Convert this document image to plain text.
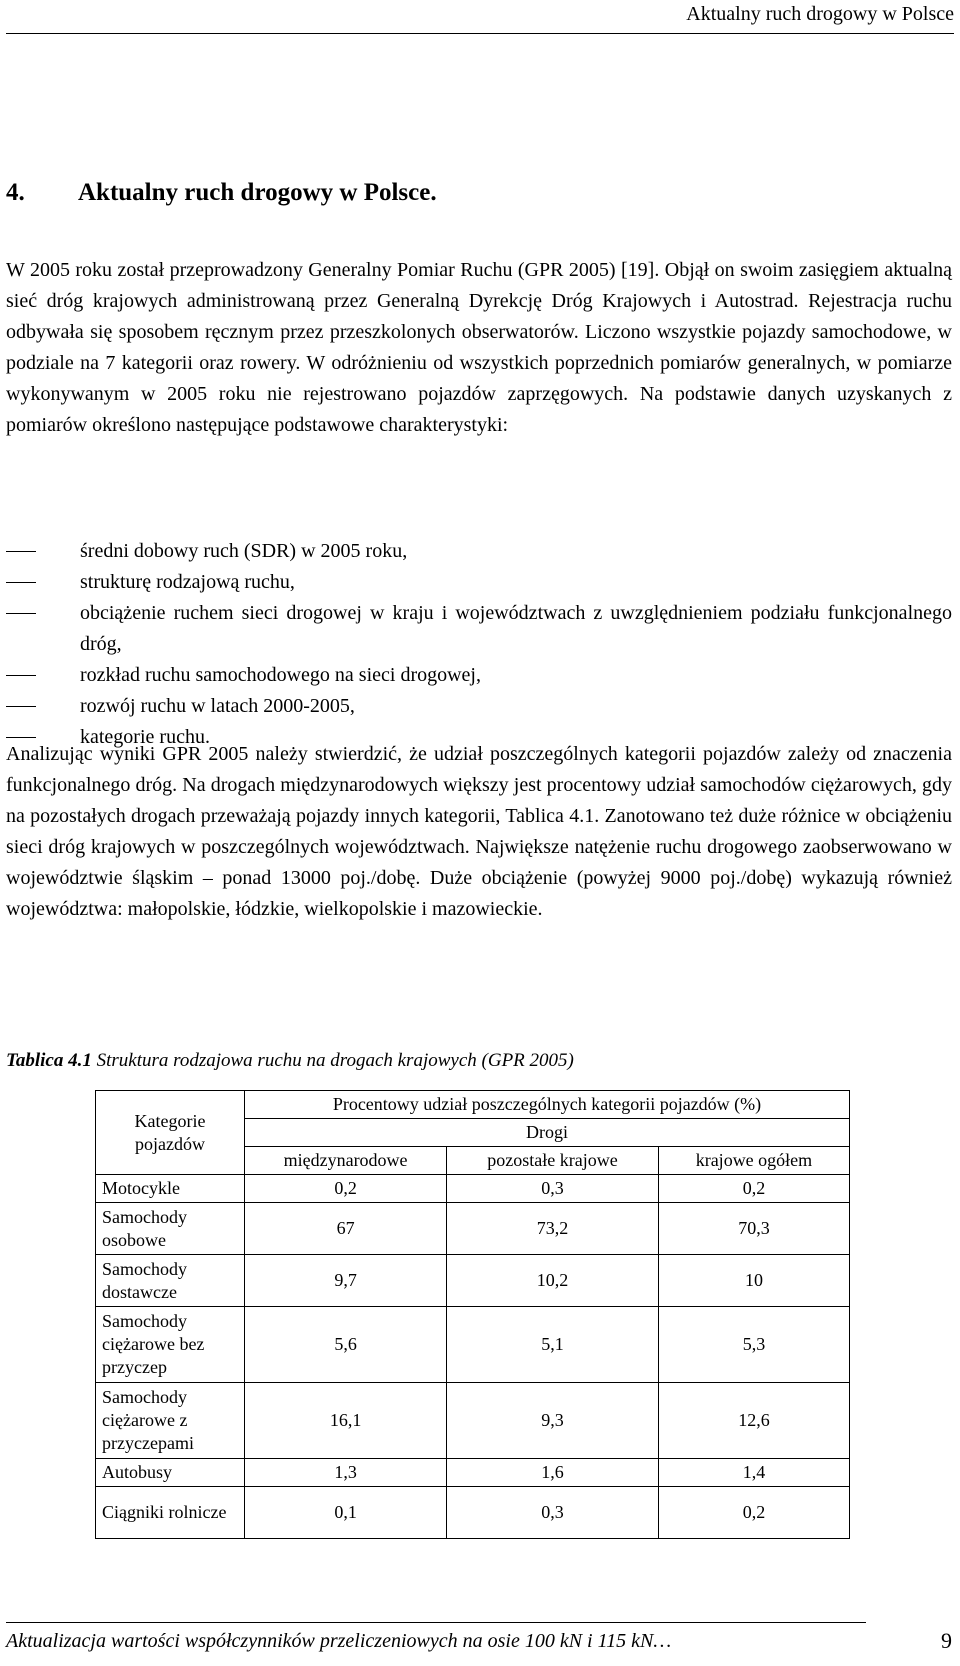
Aktualny ruch drogowy w Polsce
4. Aktualny ruch drogowy w Polsce.

W 2005 roku został przeprowadzony Generalny Pomiar Ruchu (GPR 2005) [19]. Objął on swoim zasięgiem aktualną sieć dróg krajowych administrowaną przez Generalną Dyrekcję Dróg Krajowych i Autostrad. Rejestracja ruchu odbywała się sposobem ręcznym przez przeszkolonych obserwatorów. Liczono wszystkie pojazdy samochodowe, w podziale na 7 kategorii oraz rowery. W odróżnieniu od wszystkich poprzednich pomiarów generalnych, w pomiarze wykonywanym w 2005 roku nie rejestrowano pojazdów zaprzęgowych. Na podstawie danych uzyskanych z pomiarów określono następujące podstawowe charakterystyki:

średni dobowy ruch (SDR) w 2005 roku,
strukturę rodzajową ruchu,
obciążenie ruchem sieci drogowej w kraju i województwach z uwzględnieniem podziału funkcjonalnego dróg,
rozkład ruchu samochodowego na sieci drogowej,
rozwój ruchu w latach 2000-2005,
kategorie ruchu.

Analizując wyniki GPR 2005 należy stwierdzić, że udział poszczególnych kategorii pojazdów zależy od znaczenia funkcjonalnego dróg. Na drogach międzynarodowych większy jest procentowy udział samochodów ciężarowych, gdy na pozostałych drogach przeważają pojazdy innych kategorii, Tablica 4.1. Zanotowano też duże różnice w obciążeniu sieci dróg krajowych w poszczególnych województwach. Największe natężenie ruchu drogowego zaobserwowano w województwie śląskim – ponad 13000 poj./dobę. Duże obciążenie (powyżej 9000 poj./dobę) wykazują również województwa: małopolskie, łódzkie, wielkopolskie i mazowieckie.

Tablica 4.1 Struktura rodzajowa ruchu na drogach krajowych (GPR 2005)
Kategorie pojazdów	Procentowy udział poszczególnych kategorii pojazdów (%)		
	Drogi		
	międzynarodowe	pozostałe krajowe	krajowe ogółem
Motocykle	0,2	0,3	0,2
Samochody osobowe	67	73,2	70,3
Samochody dostawcze	9,7	10,2	10
Samochody ciężarowe bez przyczep	5,6	5,1	5,3
Samochody ciężarowe z przyczepami	16,1	9,3	12,6
Autobusy	1,3	1,6	1,4
Ciągniki rolnicze	0,1	0,3	0,2
Aktualizacja wartości współczynników przeliczeniowych na osie 100 kN i 115 kN…	9
